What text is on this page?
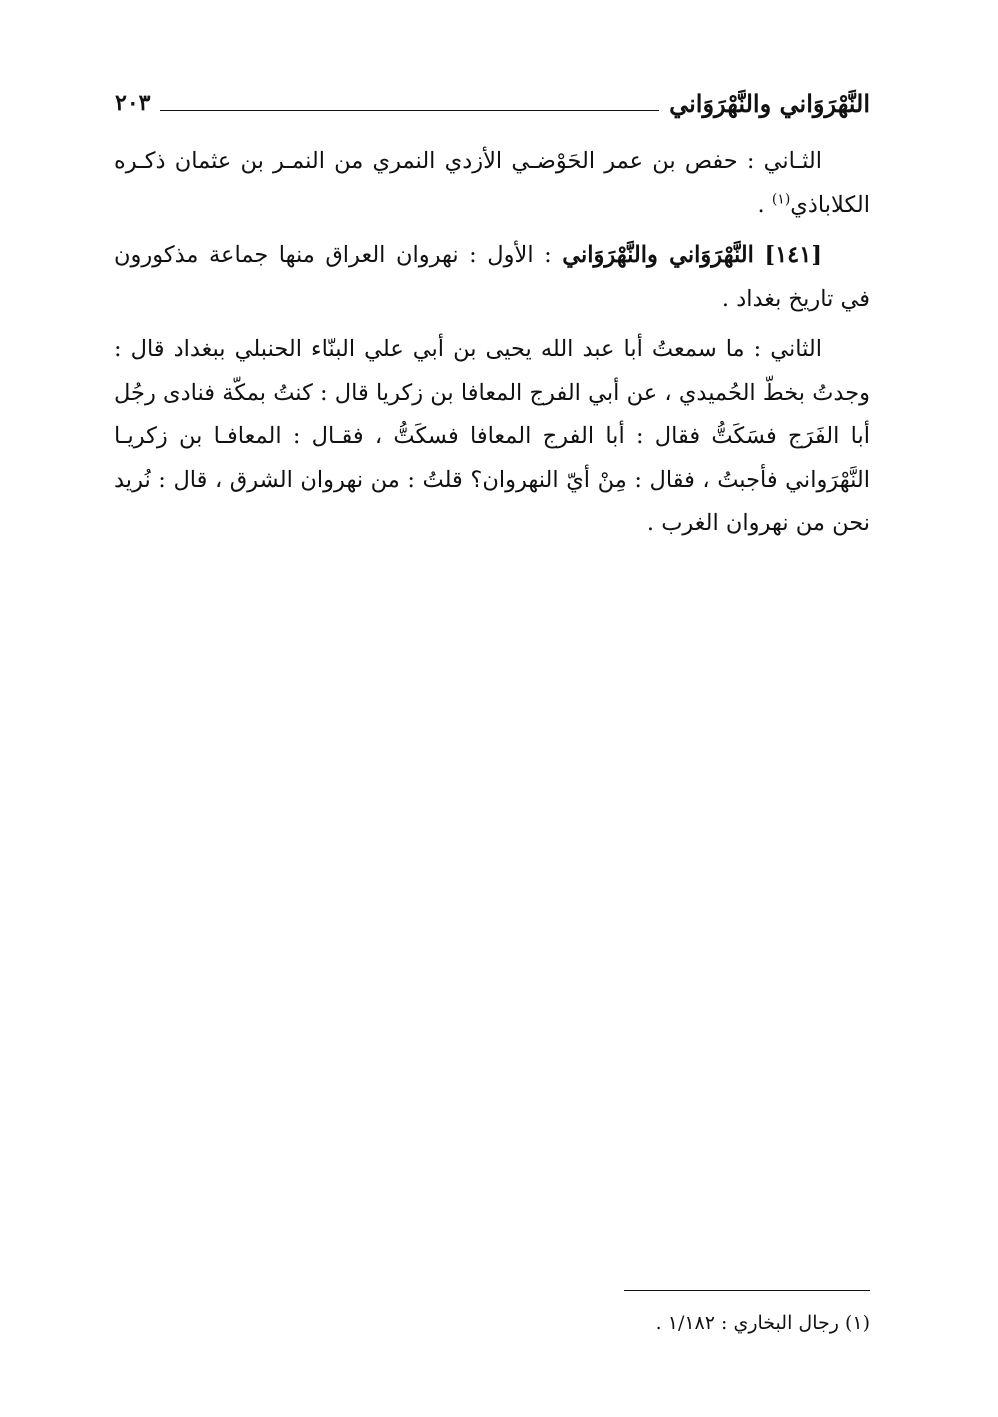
النَّهْرَوَاني والنَّهْرَوَاني
٢٠٣

الثـاني : حفص بن عمر الحَوْضـي الأزدي النمري من النمـر بن عثمان ذكـره الكلاباذي$^{(١)}$ .

[١٤١] النَّهْرَوَاني والنَّهْرَوَاني : الأول : نهروان العراق منها جماعة مذكورون في تاريخ بغداد .

الثاني : ما سمعتُ أبا عبد الله يحيى بن أبي علي البنّاء الحنبلي ببغداد قال : وجدتُ بخطّ الحُميدي ، عن أبي الفرج المعافا بن زكريا قال : كنتُ بمكّة فنادى رجُل أبا الفَرَج فسَكَتُّ فقال : أبا الفرج المعافا فسكَتُّ ، فقـال : المعافـا بن زكريـا النَّهْرَواني فأجبتُ ، فقال : مِنْ أيّ النهروان؟ قلتُ : من نهروان الشرق ، قال : نُريد نحن من نهروان الغرب .

(١) رجال البخاري : ١/١٨٢ .
